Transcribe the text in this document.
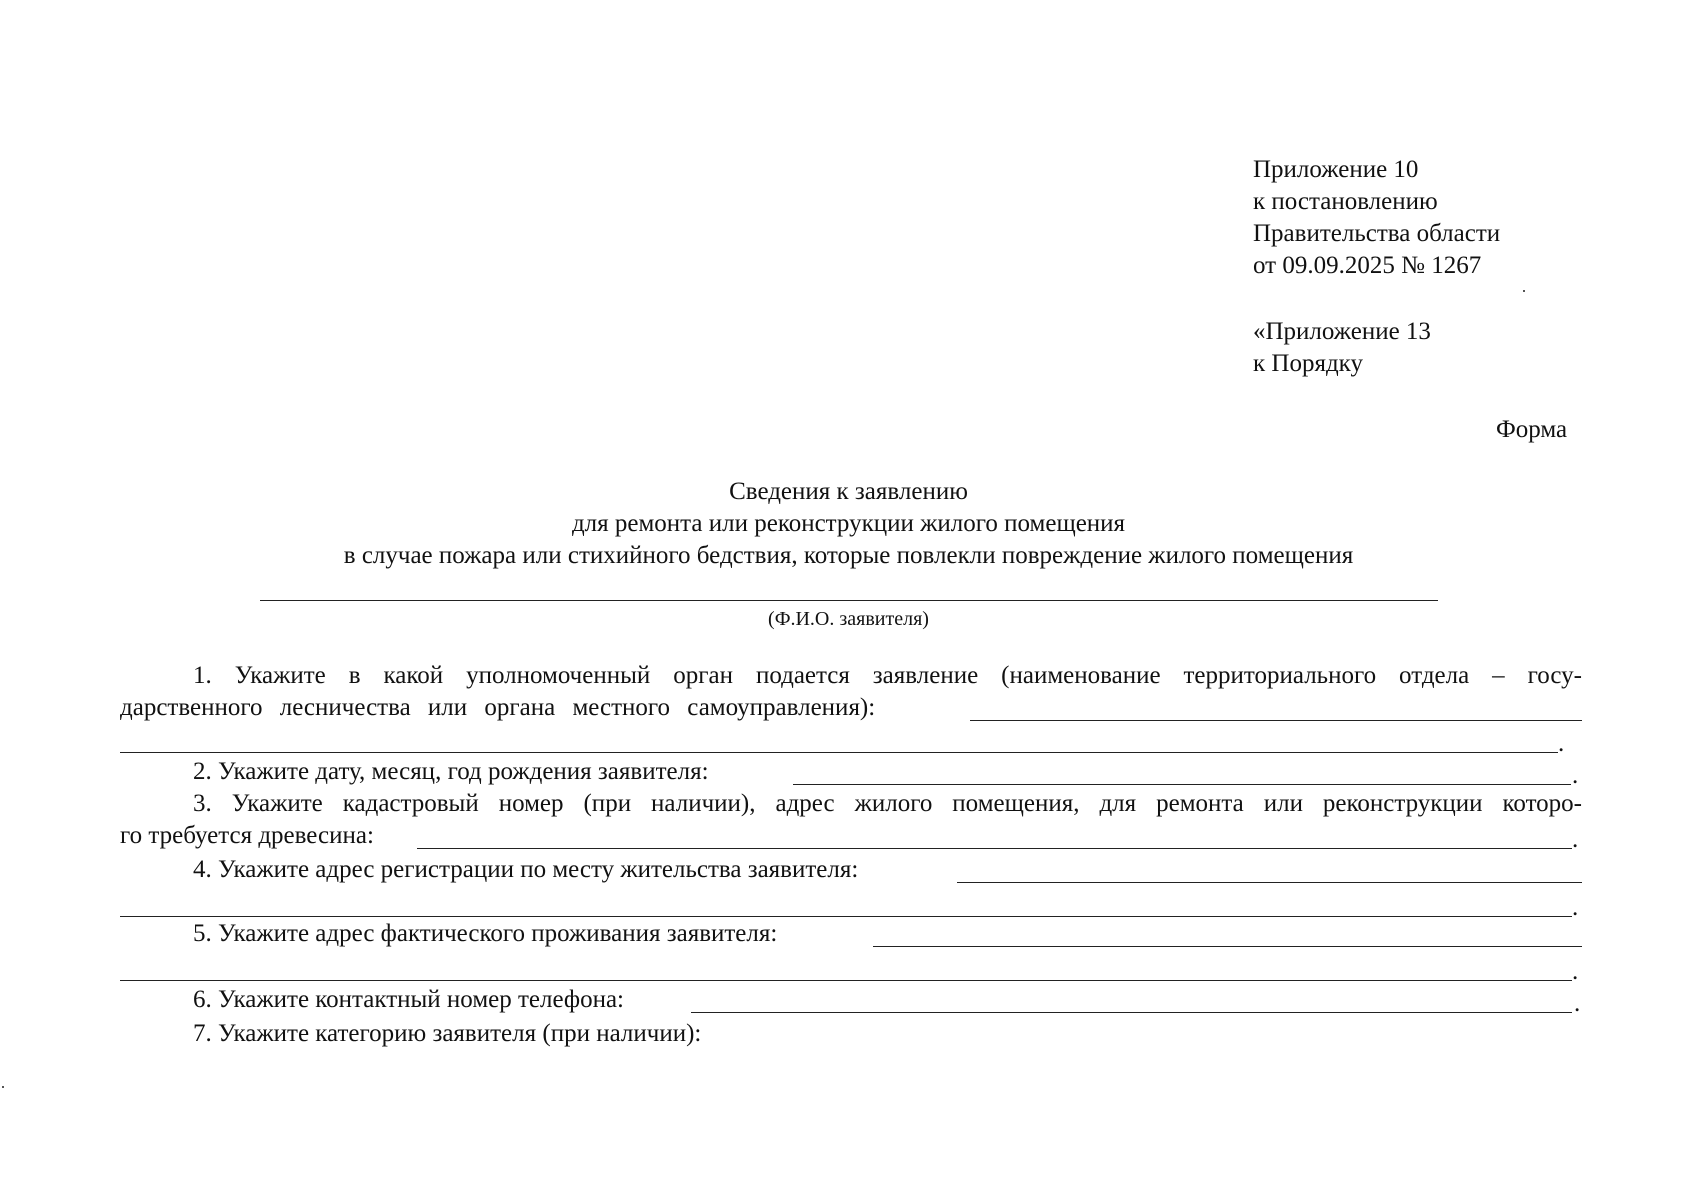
Приложение 10
к постановлению
Правительства области
от 09.09.2025 № 1267
«Приложение 13
к Порядку
Форма
Сведения к заявлению
для ремонта или реконструкции жилого помещения
в случае пожара или стихийного бедствия, которые повлекли повреждение жилого помещения
(Ф.И.О. заявителя)
1. Укажите в какой уполномоченный орган подается заявление (наименование территориального отдела – госу-
дарственного лесничества или органа местного самоуправления):
.
2. Укажите дату, месяц, год рождения заявителя:	.
3. Укажите кадастровый номер (при наличии), адрес жилого помещения, для ремонта или реконструкции которо-
го требуется древесина:	.
4. Укажите адрес регистрации по месту жительства заявителя:
.
5. Укажите адрес фактического проживания заявителя:
.
6. Укажите контактный номер телефона:	.
7. Укажите категорию заявителя (при наличии):
